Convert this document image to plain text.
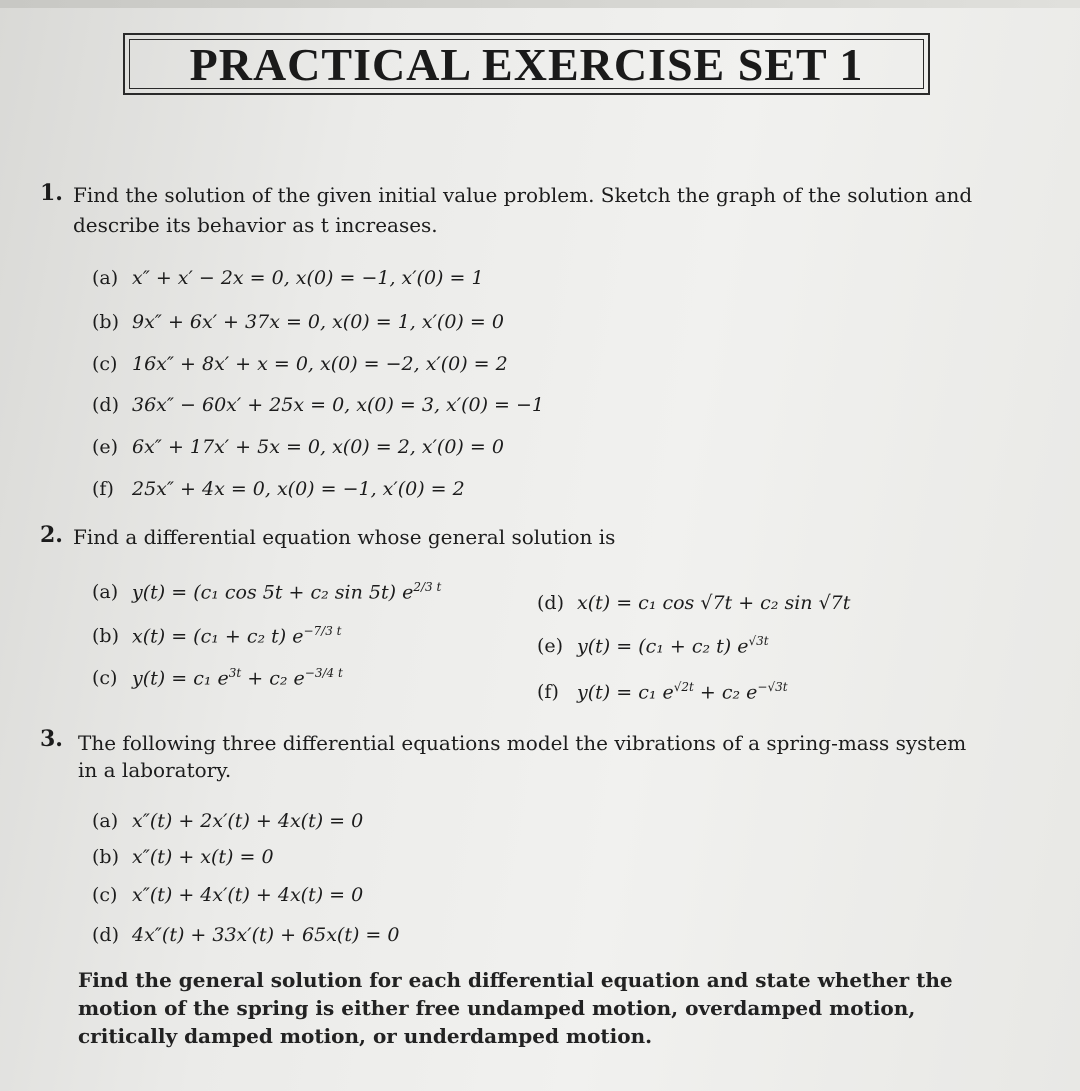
PRACTICAL EXERCISE SET 1
1. Find the solution of the given initial value problem. Sketch the graph of the solution and
describe its behavior as t increases.
(a) x″ + x′ − 2x = 0, x(0) = −1, x′(0) = 1
(b) 9x″ + 6x′ + 37x = 0, x(0) = 1, x′(0) = 0
(c) 16x″ + 8x′ + x = 0, x(0) = −2, x′(0) = 2
(d) 36x″ − 60x′ + 25x = 0, x(0) = 3, x′(0) = −1
(e) 6x″ + 17x′ + 5x = 0, x(0) = 2, x′(0) = 0
(f) 25x″ + 4x = 0, x(0) = −1, x′(0) = 2
2. Find a differential equation whose general solution is
(a) y(t) = (c₁ cos 5t + c₂ sin 5t) $e^{2/3 t}$
(b) x(t) = (c₁ + c₂ t) $e^{-7/3 t}$
(c) y(t) = c₁ $e^{3t} + c_2$ $e^{-3/4 t}$
(d) x(t) = c₁ cos √7t + c₂ sin √7t
(e) y(t) = (c₁ + c₂ t) $e^{√3t}$
(f) y(t) = c₁ $e^{√2t} + c_2$ $e^{-√3t}$
3. The following three differential equations model the vibrations of a spring-mass system
in a laboratory.
(a) x″(t) + 2x′(t) + 4x(t) = 0
(b) x″(t) + x(t) = 0
(c) x″(t) + 4x′(t) + 4x(t) = 0
(d) 4x″(t) + 33x′(t) + 65x(t) = 0
Find the general solution for each differential equation and state whether the motion of the spring is either free undamped motion, overdamped motion, critically damped motion, or underdamped motion.
